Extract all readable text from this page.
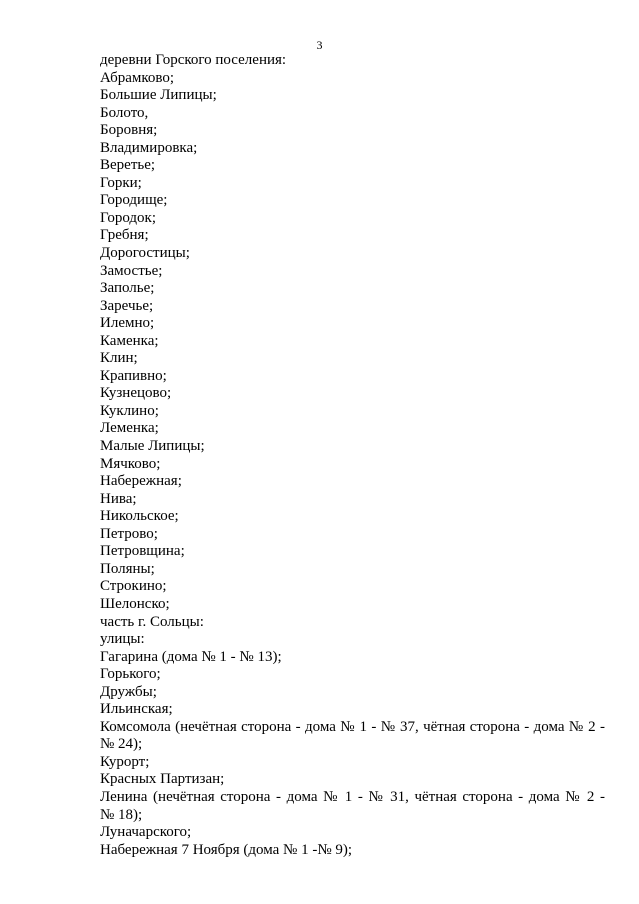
3

деревни Горского поселения:

Абрамково;

Большие Липицы;

Болото,

Боровня;

Владимировка;

Веретье;

Горки;

Городище;

Городок;

Гребня;

Дорогостицы;

Замостье;

Заполье;

Заречье;

Илемно;

Каменка;

Клин;

Крапивно;

Кузнецово;

Куклино;

Леменка;

Малые Липицы;

Мячково;

Набережная;

Нива;

Никольское;

Петрово;

Петровщина;

Поляны;

Строкино;

Шелонско;

часть г. Сольцы:

улицы:

Гагарина (дома № 1 - № 13);

Горького;

Дружбы;

Ильинская;

Комсомола (нечётная сторона - дома № 1 - № 37, чётная сторона - дома № 2 -

№ 24);

Курорт;

Красных Партизан;

Ленина (нечётная сторона - дома № 1 - № 31, чётная сторона - дома № 2 -

№ 18);

Луначарского;

Набережная 7 Ноября (дома № 1 -№ 9);
